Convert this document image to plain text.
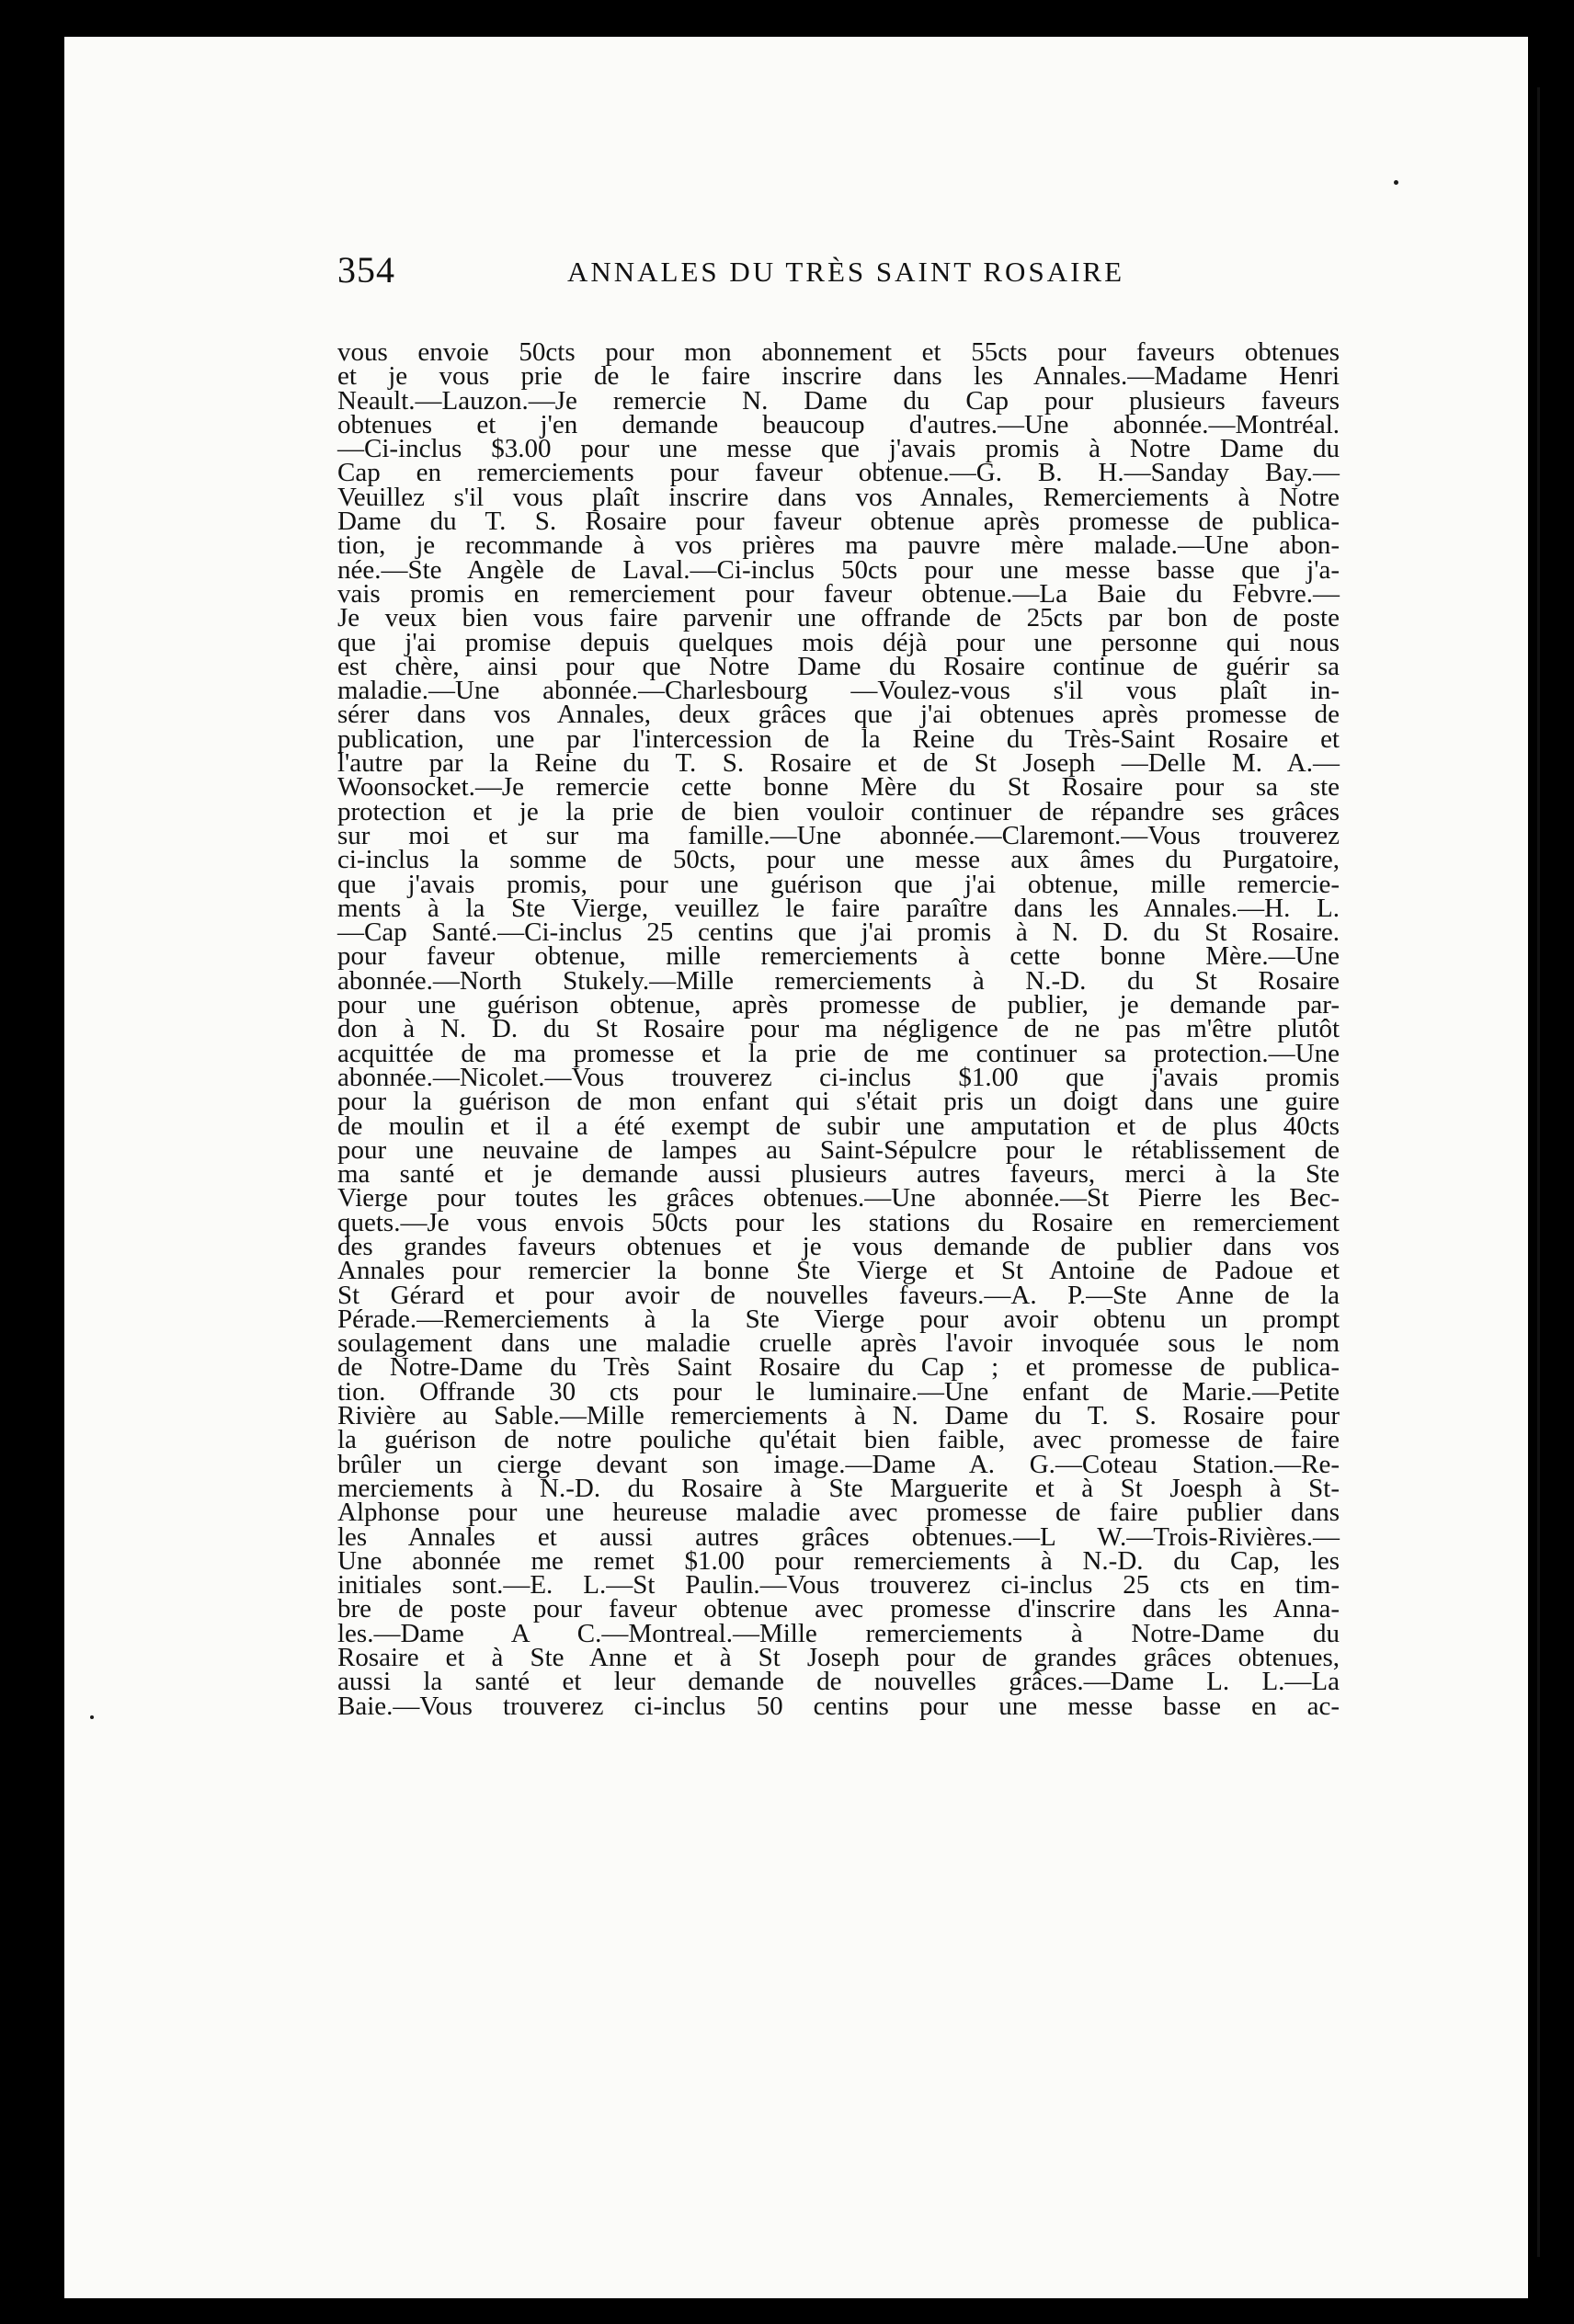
354	ANNALES DU TRÈS SAINT ROSAIRE
vous envoie 50cts pour mon abonnement et 55cts pour faveurs obtenues
et je vous prie de le faire inscrire dans les Annales.—Madame Henri
Neault.—Lauzon.—Je remercie N. Dame du Cap pour plusieurs faveurs
obtenues et j'en demande beaucoup d'autres.—Une abonnée.—Montréal.
—Ci-inclus $3.00 pour une messe que j'avais promis à Notre Dame du
Cap en remerciements pour faveur obtenue.—G. B. H.—Sanday Bay.—
Veuillez s'il vous plaît inscrire dans vos Annales, Remerciements à Notre
Dame du T. S. Rosaire pour faveur obtenue après promesse de publica-
tion, je recommande à vos prières ma pauvre mère malade.—Une abon-
née.—Ste Angèle de Laval.—Ci-inclus 50cts pour une messe basse que j'a-
vais promis en remerciement pour faveur obtenue.—La Baie du Febvre.—
Je veux bien vous faire parvenir une offrande de 25cts par bon de poste
que j'ai promise depuis quelques mois déjà pour une personne qui nous
est chère, ainsi pour que Notre Dame du Rosaire continue de guérir sa
maladie.—Une abonnée.—Charlesbourg —Voulez-vous s'il vous plaît in-
sérer dans vos Annales, deux grâces que j'ai obtenues après promesse de
publication, une par l'intercession de la Reine du Très-Saint Rosaire et
l'autre par la Reine du T. S. Rosaire et de St Joseph —Delle M. A.—
Woonsocket.—Je remercie cette bonne Mère du St Rosaire pour sa ste
protection et je la prie de bien vouloir continuer de répandre ses grâces
sur moi et sur ma famille.—Une abonnée.—Claremont.—Vous trouverez
ci-inclus la somme de 50cts, pour une messe aux âmes du Purgatoire,
que j'avais promis, pour une guérison que j'ai obtenue, mille remercie-
ments à la Ste Vierge, veuillez le faire paraître dans les Annales.—H. L.
—Cap Santé.—Ci-inclus 25 centins que j'ai promis à N. D. du St Rosaire.
pour faveur obtenue, mille remerciements à cette bonne Mère.—Une
abonnée.—North Stukely.—Mille remerciements à N.-D. du St Rosaire
pour une guérison obtenue, après promesse de publier, je demande par-
don à N. D. du St Rosaire pour ma négligence de ne pas m'être plutôt
acquittée de ma promesse et la prie de me continuer sa protection.—Une
abonnée.—Nicolet.—Vous trouverez ci-inclus $1.00 que j'avais promis
pour la guérison de mon enfant qui s'était pris un doigt dans une guire
de moulin et il a été exempt de subir une amputation et de plus 40cts
pour une neuvaine de lampes au Saint-Sépulcre pour le rétablissement de
ma santé et je demande aussi plusieurs autres faveurs, merci à la Ste
Vierge pour toutes les grâces obtenues.—Une abonnée.—St Pierre les Bec-
quets.—Je vous envois 50cts pour les stations du Rosaire en remerciement
des grandes faveurs obtenues et je vous demande de publier dans vos
Annales pour remercier la bonne Ste Vierge et St Antoine de Padoue et
St Gérard et pour avoir de nouvelles faveurs.—A. P.—Ste Anne de la
Pérade.—Remerciements à la Ste Vierge pour avoir obtenu un prompt
soulagement dans une maladie cruelle après l'avoir invoquée sous le nom
de Notre-Dame du Très Saint Rosaire du Cap ; et promesse de publica-
tion. Offrande 30 cts pour le luminaire.—Une enfant de Marie.—Petite
Rivière au Sable.—Mille remerciements à N. Dame du T. S. Rosaire pour
la guérison de notre pouliche qu'était bien faible, avec promesse de faire
brûler un cierge devant son image.—Dame A. G.—Coteau Station.—Re-
merciements à N.-D. du Rosaire à Ste Marguerite et à St Joesph à St-
Alphonse pour une heureuse maladie avec promesse de faire publier dans
les Annales et aussi autres grâces obtenues.—L W.—Trois-Rivières.—
Une abonnée me remet $1.00 pour remerciements à N.-D. du Cap, les
initiales sont.—E. L.—St Paulin.—Vous trouverez ci-inclus 25 cts en tim-
bre de poste pour faveur obtenue avec promesse d'inscrire dans les Anna-
les.—Dame A C.—Montreal.—Mille remerciements à Notre-Dame du
Rosaire et à Ste Anne et à St Joseph pour de grandes grâces obtenues,
aussi la santé et leur demande de nouvelles grâces.—Dame L. L.—La
Baie.—Vous trouverez ci-inclus 50 centins pour une messe basse en ac-
